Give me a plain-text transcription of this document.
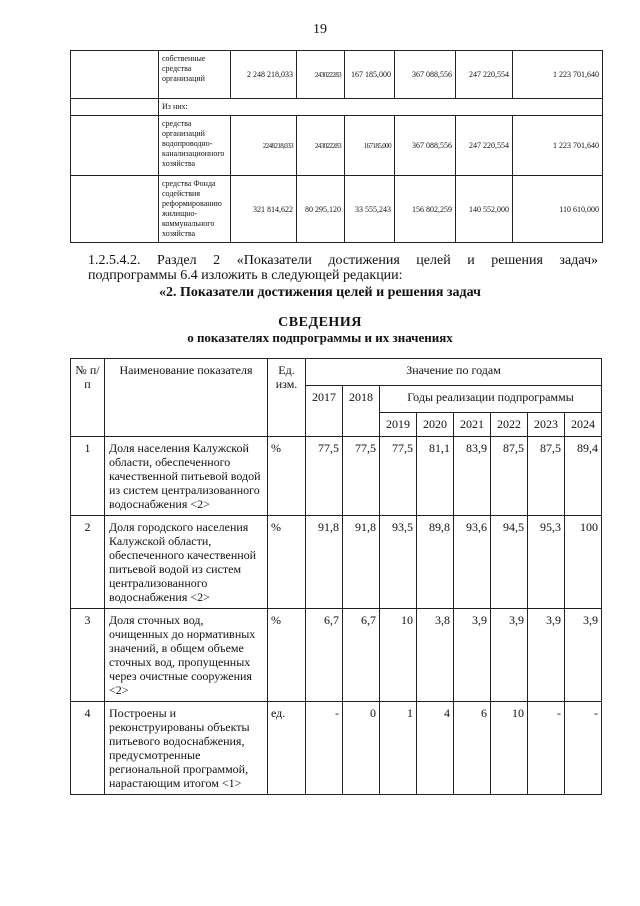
19
	собственные средства организаций	2 248 218,033	243022283	167 185,000	367 088,556	247 220,554	1 223 701,640
	Из них:						
	средства организаций водопроводно-канализационного хозяйства	2248218,033	243022283	167185,000	367 088,556	247 220,554	1 223 701,640
	средства Фонда содействия реформированию жилищно-коммунального хозяйства	321 814,622	80 295,120	33 555,243	156 802,259	140 552,000	110 610,000
1.2.5.4.2. Раздел 2 «Показатели достижения целей и решения задач»
подпрограммы 6.4 изложить в следующей редакции:
«2. Показатели достижения целей и решения задач
СВЕДЕНИЯ
о показателях подпрограммы и их значениях
№ п/п	Наименование показателя	Ед. изм.	Значение по годам							
			2017	2018	Годы реализации подпрограммы					
					2019	2020	2021	2022	2023	2024
1	Доля населения Калужской области, обеспеченного качественной питьевой водой из систем централизованного водоснабжения <2>	%	77,5	77,5	77,5	81,1	83,9	87,5	87,5	89,4
2	Доля городского населения Калужской области, обеспеченного качественной питьевой водой из систем централизованного водоснабжения <2>	%	91,8	91,8	93,5	89,8	93,6	94,5	95,3	100
3	Доля сточных вод, очищенных до нормативных значений, в общем объеме сточных вод, пропущенных через очистные сооружения <2>	%	6,7	6,7	10	3,8	3,9	3,9	3,9	3,9
4	Построены и реконструированы объекты питьевого водоснабжения, предусмотренные региональной программой, нарастающим итогом <1>	ед.	-	0	1	4	6	10	-	-
